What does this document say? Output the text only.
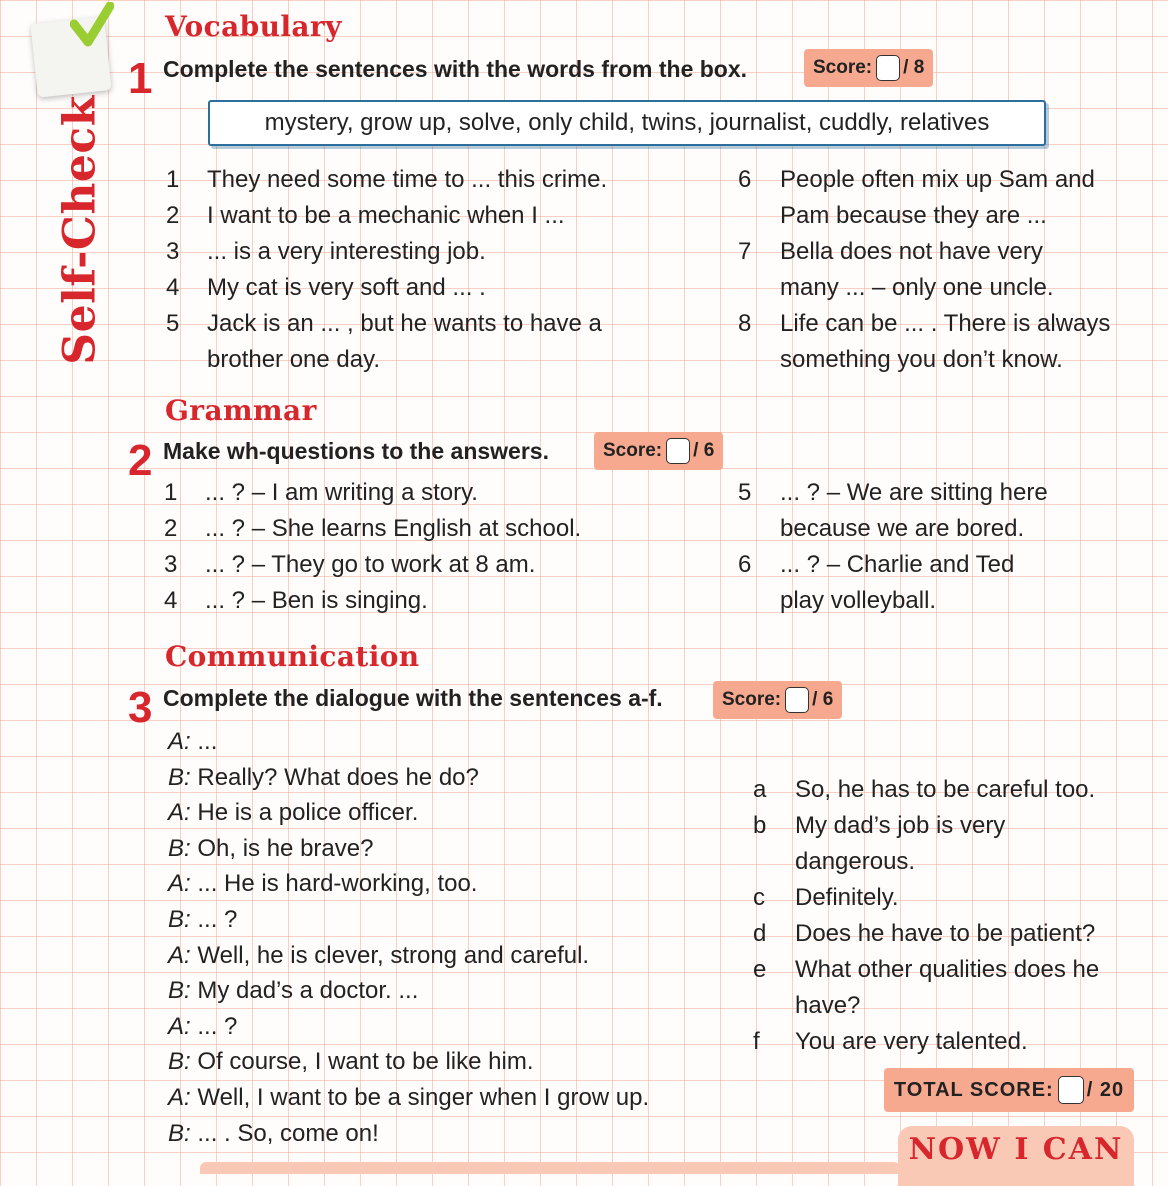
Self-Check
Vocabulary
1 Complete the sentences with the words from the box.	Score: / 8
mystery, grow up, solve, only child, twins, journalist, cuddly, relatives
1 They need some time to ... this crime.
2 I want to be a mechanic when I ...
3 ... is a very interesting job.
4 My cat is very soft and ... .
5 Jack is an ... , but he wants to have a
brother one day.
6 People often mix up Sam and
Pam because they are ...
7 Bella does not have very
many ... – only one uncle.
8 Life can be ... . There is always
something you don’t know.
Grammar
2 Make wh-questions to the answers.	Score: / 6
1 ... ? – I am writing a story.
2 ... ? – She learns English at school.
3 ... ? – They go to work at 8 am.
4 ... ? – Ben is singing.
5 ... ? – We are sitting here
because we are bored.
6 ... ? – Charlie and Ted
play volleyball.
Communication
3 Complete the dialogue with the sentences a-f.	Score: / 6
A: ...
B: Really? What does he do?
A: He is a police officer.
B: Oh, is he brave?
A: ... He is hard-working, too.
B: ... ?
A: Well, he is clever, strong and careful.
B: My dad’s a doctor. ...
A: ... ?
B: Of course, I want to be like him.
A: Well, I want to be a singer when I grow up.
B: ... . So, come on!
a So, he has to be careful too.
b My dad’s job is very
dangerous.
c Definitely.
d Does he have to be patient?
e What other qualities does he
have?
f You are very talented.
TOTAL SCORE: / 20
NOW I CAN
